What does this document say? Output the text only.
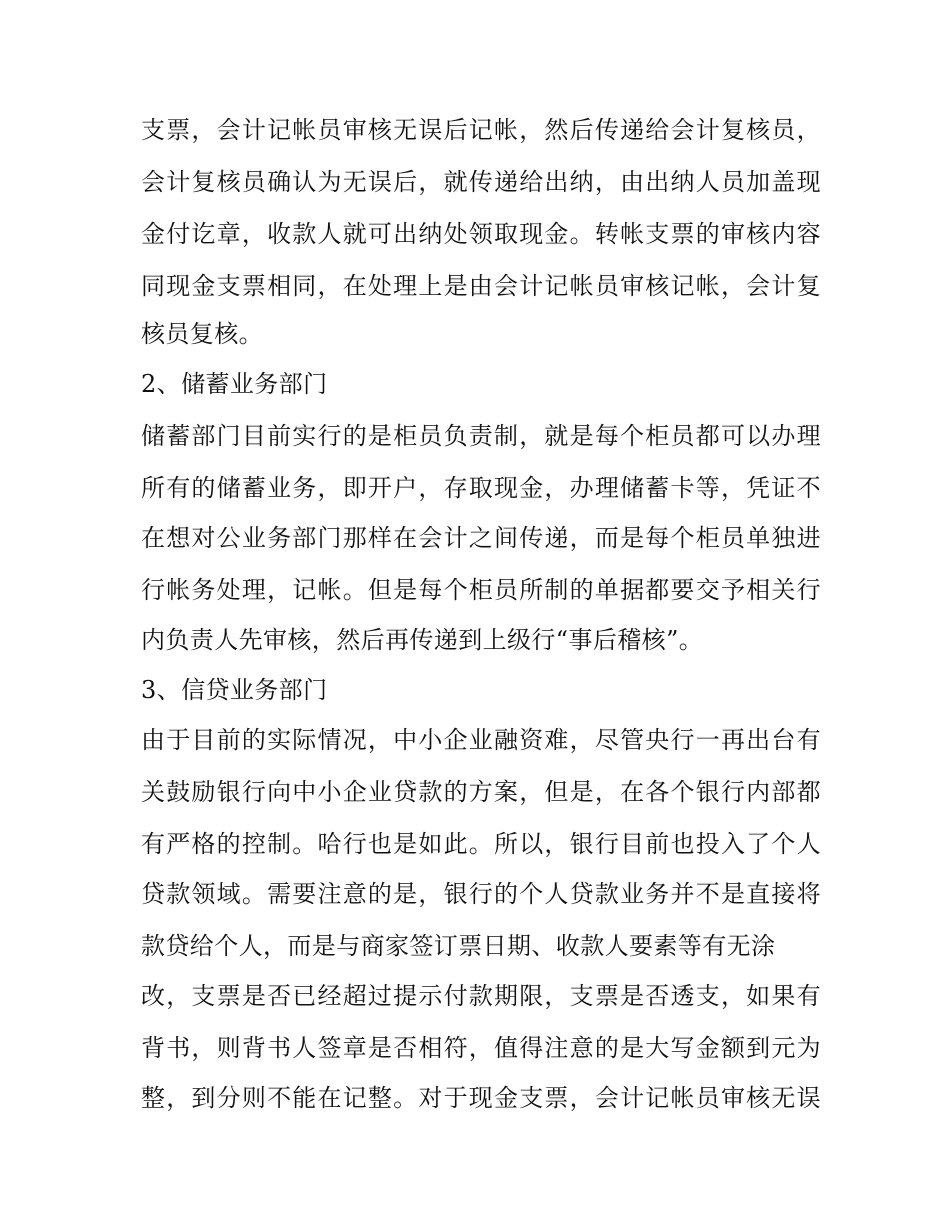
支票，会计记帐员审核无误后记帐，然后传递给会计复核员，

会计复核员确认为无误后，就传递给出纳，由出纳人员加盖现

金付讫章，收款人就可出纳处领取现金。转帐支票的审核内容

同现金支票相同，在处理上是由会计记帐员审核记帐，会计复

核员复核。

2、储蓄业务部门

储蓄部门目前实行的是柜员负责制，就是每个柜员都可以办理

所有的储蓄业务，即开户，存取现金，办理储蓄卡等，凭证不

在想对公业务部门那样在会计之间传递，而是每个柜员单独进

行帐务处理，记帐。但是每个柜员所制的单据都要交予相关行

内负责人先审核，然后再传递到上级行“事后稽核”。

3、信贷业务部门

由于目前的实际情况，中小企业融资难，尽管央行一再出台有

关鼓励银行向中小企业贷款的方案，但是，在各个银行内部都

有严格的控制。哈行也是如此。所以，银行目前也投入了个人

贷款领域。需要注意的是，银行的个人贷款业务并不是直接将

款贷给个人，而是与商家签订票日期、收款人要素等有无涂

改，支票是否已经超过提示付款期限，支票是否透支，如果有

背书，则背书人签章是否相符，值得注意的是大写金额到元为

整，到分则不能在记整。对于现金支票，会计记帐员审核无误
